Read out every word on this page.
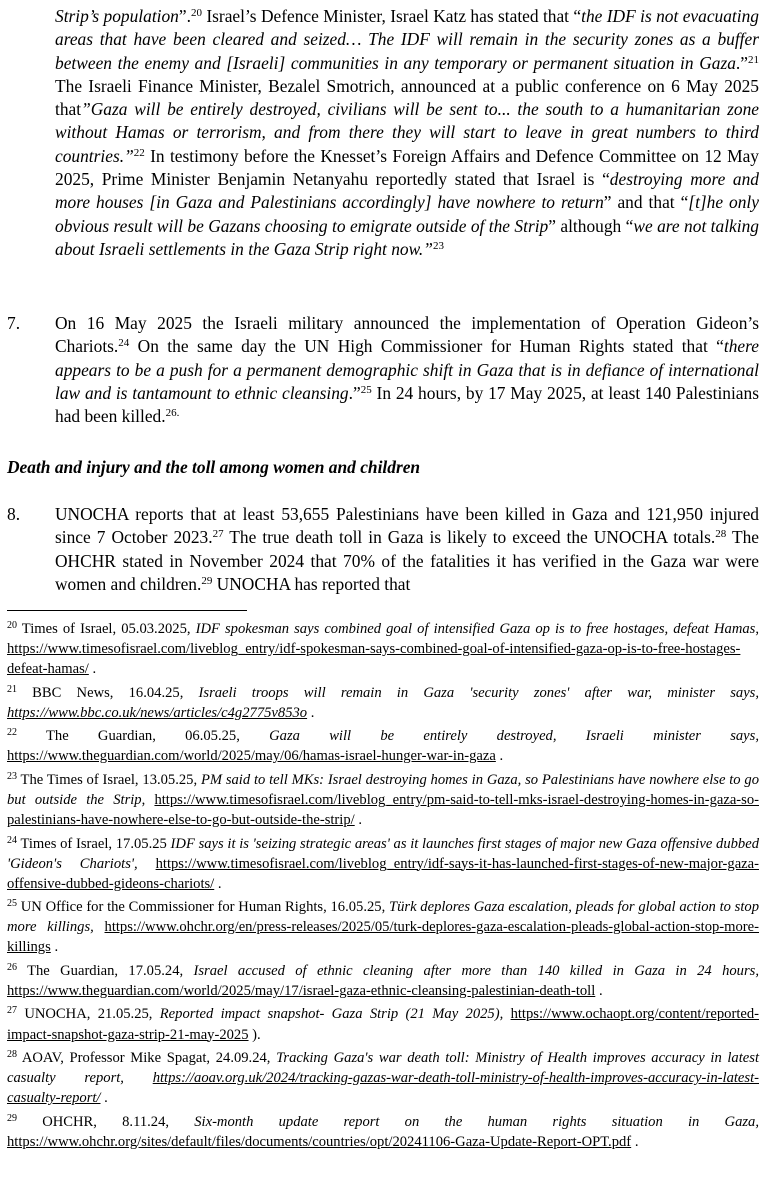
Strip’s population”.$^{20}$ Israel’s Defence Minister, Israel Katz has stated that “the IDF is not evacuating areas that have been cleared and seized… The IDF will remain in the security zones as a buffer between the enemy and [Israeli] communities in any temporary or permanent situation in Gaza.”$^{21}$ The Israeli Finance Minister, Bezalel Smotrich, announced at a public conference on 6 May 2025 that”Gaza will be entirely destroyed, civilians will be sent to... the south to a humanitarian zone without Hamas or terrorism, and from there they will start to leave in great numbers to third countries.”$^{22}$ In testimony before the Knesset’s Foreign Affairs and Defence Committee on 12 May 2025, Prime Minister Benjamin Netanyahu reportedly stated that Israel is “destroying more and more houses [in Gaza and Palestinians accordingly] have nowhere to return” and that “[t]he only obvious result will be Gazans choosing to emigrate outside of the Strip” although “we are not talking about Israeli settlements in the Gaza Strip right now.”$^{23}$
7. On 16 May 2025 the Israeli military announced the implementation of Operation Gideon’s Chariots.$^{24}$ On the same day the UN High Commissioner for Human Rights stated that “there appears to be a push for a permanent demographic shift in Gaza that is in defiance of international law and is tantamount to ethnic cleansing.”$^{25}$ In 24 hours, by 17 May 2025, at least 140 Palestinians had been killed.$^{26.}$
Death and injury and the toll among women and children
8. UNOCHA reports that at least 53,655 Palestinians have been killed in Gaza and 121,950 injured since 7 October 2023.27 The true death toll in Gaza is likely to exceed the UNOCHA totals.$^{28}$ The OHCHR stated in November 2024 that 70% of the fatalities it has verified in the Gaza war were women and children.$^{29}$ UNOCHA has reported that

$^{20}$ Times of Israel, 05.03.2025, IDF spokesman says combined goal of intensified Gaza op is to free hostages, defeat Hamas, https://www.timesofisrael.com/liveblog_entry/idf-spokesman-says-combined-goal-of-intensified-gaza-op-is-to-free-hostages-defeat-hamas/ .

$^{21}$ BBC News, 16.04.25, Israeli troops will remain in Gaza 'security zones' after war, minister says, https://www.bbc.co.uk/news/articles/c4g2775v853o .

$^{22}$ The Guardian, 06.05.25, Gaza will be entirely destroyed, Israeli minister says, https://www.theguardian.com/world/2025/may/06/hamas-israel-hunger-war-in-gaza .

$^{23}$ The Times of Israel, 13.05.25, PM said to tell MKs: Israel destroying homes in Gaza, so Palestinians have nowhere else to go but outside the Strip, https://www.timesofisrael.com/liveblog_entry/pm-said-to-tell-mks-israel-destroying-homes-in-gaza-so-palestinians-have-nowhere-else-to-go-but-outside-the-strip/ .

$^{24}$ Times of Israel, 17.05.25 IDF says it is 'seizing strategic areas' as it launches first stages of major new Gaza offensive dubbed 'Gideon's Chariots', https://www.timesofisrael.com/liveblog_entry/idf-says-it-has-launched-first-stages-of-new-major-gaza-offensive-dubbed-gideons-chariots/ .

$^{25}$ UN Office for the Commissioner for Human Rights, 16.05.25, Türk deplores Gaza escalation, pleads for global action to stop more killings, https://www.ohchr.org/en/press-releases/2025/05/turk-deplores-gaza-escalation-pleads-global-action-stop-more-killings .

$^{26}$ The Guardian, 17.05.24, Israel accused of ethnic cleaning after more than 140 killed in Gaza in 24 hours, https://www.theguardian.com/world/2025/may/17/israel-gaza-ethnic-cleansing-palestinian-death-toll .

$^{27}$ UNOCHA, 21.05.25, Reported impact snapshot- Gaza Strip (21 May 2025), https://www.ochaopt.org/content/reported-impact-snapshot-gaza-strip-21-may-2025 ).

$^{28}$ AOAV, Professor Mike Spagat, 24.09.24, Tracking Gaza's war death toll: Ministry of Health improves accuracy in latest casualty report, https://aoav.org.uk/2024/tracking-gazas-war-death-toll-ministry-of-health-improves-accuracy-in-latest-casualty-report/ .

$^{29}$ OHCHR, 8.11.24, Six-month update report on the human rights situation in Gaza, https://www.ohchr.org/sites/default/files/documents/countries/opt/20241106-Gaza-Update-Report-OPT.pdf .
